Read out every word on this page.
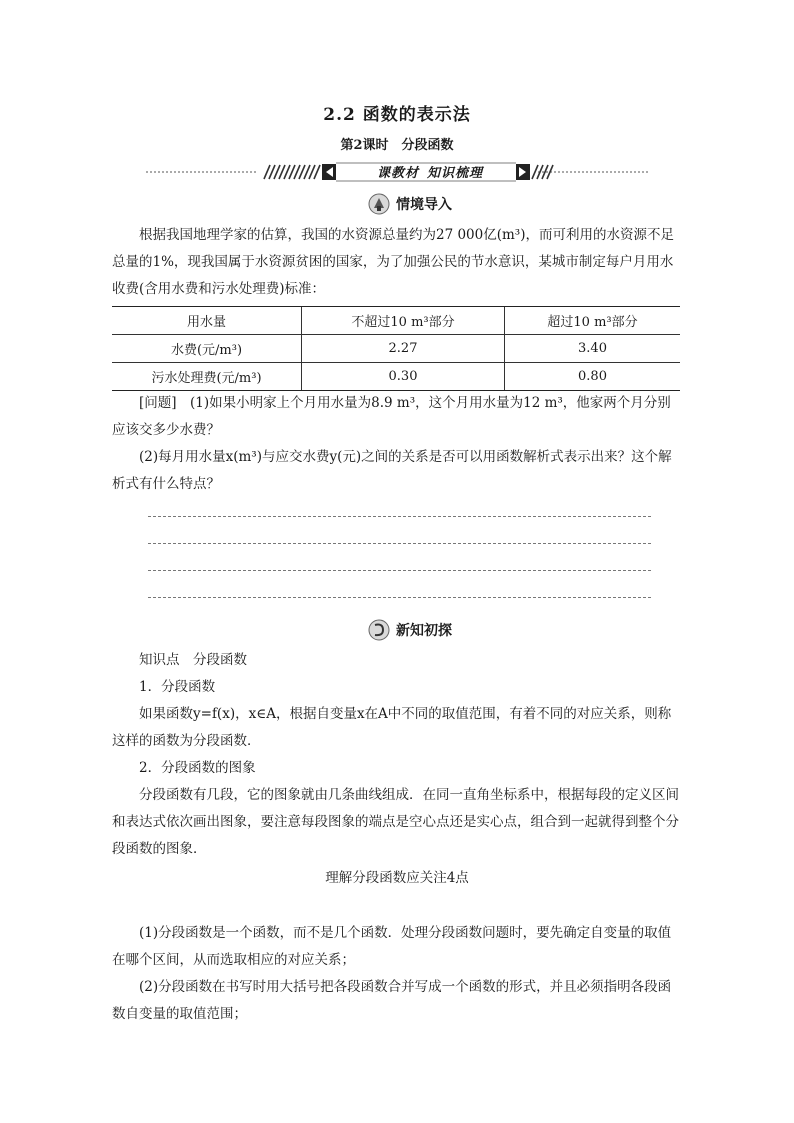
2.2 函数的表示法
第2课时　分段函数
课教材 知识梳理
情境导入
根据我国地理学家的估算，我国的水资源总量约为27 000亿(m³)，而可利用的水资源不足总量的1%，现我国属于水资源贫困的国家，为了加强公民的节水意识，某城市制定每户月用水收费(含用水费和污水处理费)标准：
用水量	不超过10 m³部分	超过10 m³部分
水费(元/m³)	2.27	3.40
污水处理费(元/m³)	0.30	0.80
[问题]　(1)如果小明家上个月用水量为8.9 m³，这个月用水量为12 m³，他家两个月分别应该交多少水费？
(2)每月用水量x(m³)与应交水费y(元)之间的关系是否可以用函数解析式表示出来？这个解析式有什么特点？
新知初探
知识点　分段函数
1．分段函数
如果函数y=f(x)，x∈A，根据自变量x在A中不同的取值范围，有着不同的对应关系，则称这样的函数为分段函数．
2．分段函数的图象
分段函数有几段，它的图象就由几条曲线组成．在同一直角坐标系中，根据每段的定义区间和表达式依次画出图象，要注意每段图象的端点是空心点还是实心点，组合到一起就得到整个分段函数的图象．
理解分段函数应关注4点
(1)分段函数是一个函数，而不是几个函数．处理分段函数问题时，要先确定自变量的取值在哪个区间，从而选取相应的对应关系；
(2)分段函数在书写时用大括号把各段函数合并写成一个函数的形式，并且必须指明各段函数自变量的取值范围；
